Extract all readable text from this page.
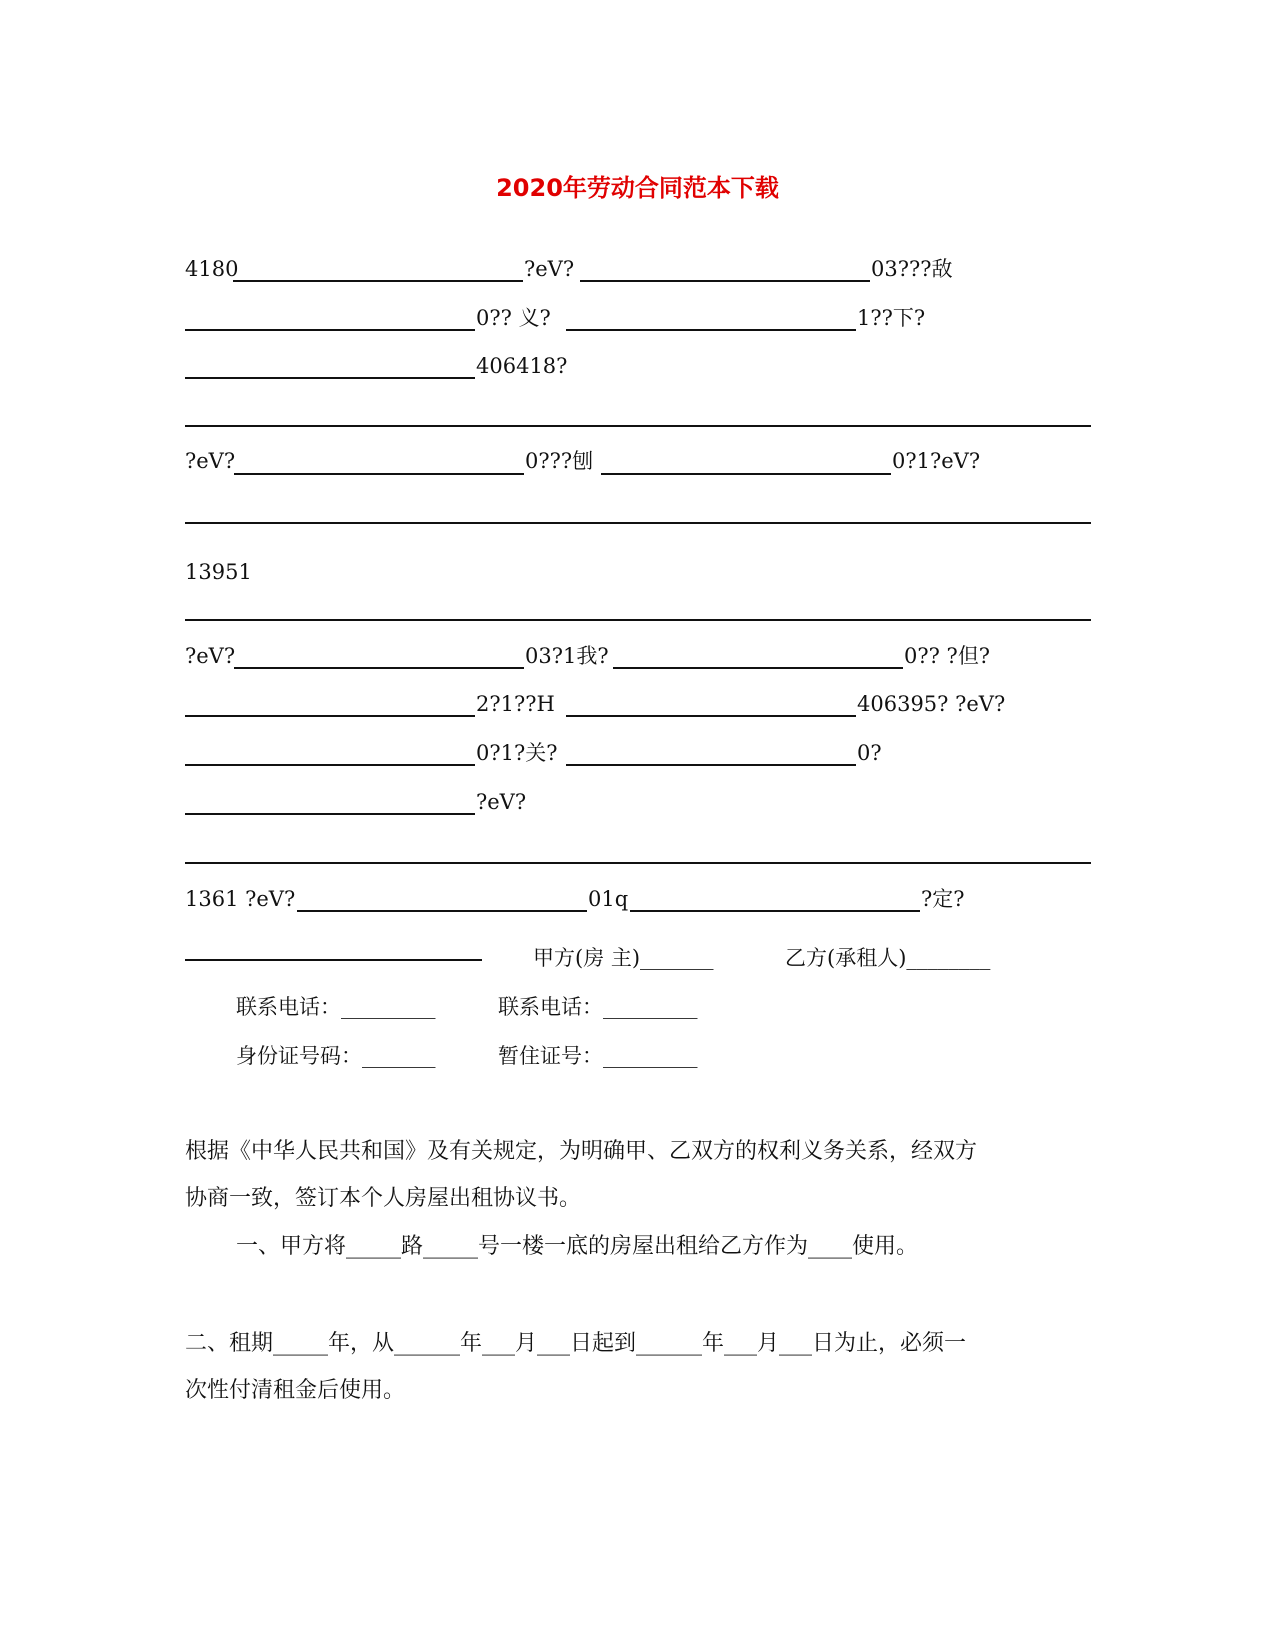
2020年劳动合同范本下载
4180	?eV?	03???敌
0?? 义?	1??下?
406418?
?eV?	0???刨	0?1?eV?
13951
?eV?	03?1我?	0?? ?但?
2?1??H	406395? ?eV?
0?1?关?	0?
?eV?
1361 ?eV?	01q	?定?
甲方(房 主)_______	乙方(承租人)________
联系电话：_________	联系电话：_________
身份证号码：_______	暂住证号：_________
根据《中华人民共和国》及有关规定，为明确甲、乙双方的权利义务关系，经双方
协商一致，签订本个人房屋出租协议书。
一、甲方将_____路_____号一楼一底的房屋出租给乙方作为____使用。
二、租期_____年，从______年___月___日起到______年___月___日为止，必须一
次性付清租金后使用。
